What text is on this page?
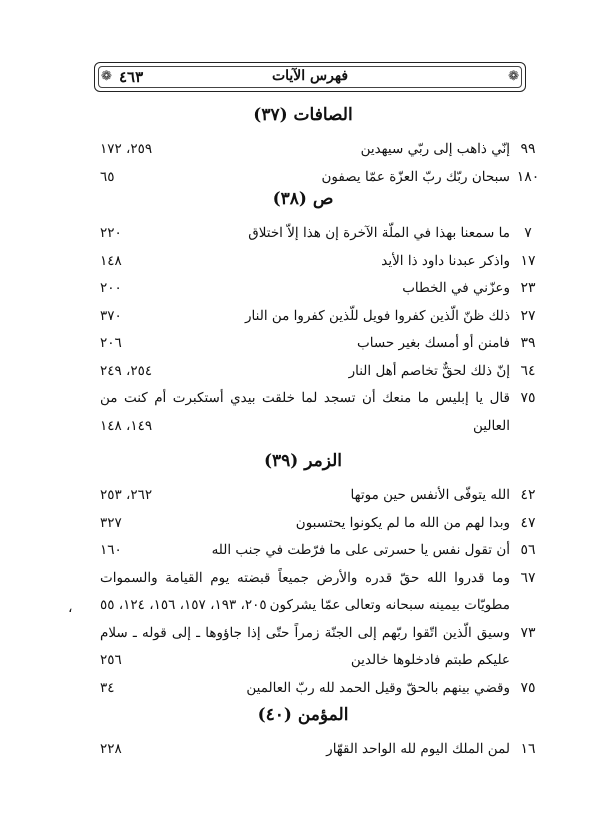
❁	❁
٤٦٣	فهرس الآيات
الصافات (٣٧)
٩٩
إنّي ذاهب إلى ربّي سيهدين
٢٥٩، ١٧٢
١٨٠
سبحان ربّك ربّ العزّة عمّا يصفون
٦٥
ص (٣٨)
٧
ما سمعنا بهذا في الملّة الآخرة إن هذا إلاّ اختلاق
٢٢٠
١٧
واذكر عبدنا داود ذا الأيد
١٤٨
٢٣
وعزّني في الخطاب
٢٠٠
٢٧
ذلك ظنّ الّذين كفروا فويل للّذين كفروا من النار
٣٧٠
٣٩
فامنن أو أمسك بغير حساب
٢٠٦
٦٤
إنّ ذلك لحقٌّ تخاصم أهل النار
٢٥٤، ٢٤٩
٧٥
قال يا إبليس ما منعك أن تسجد لما خلقت بيدي أستكبرت أم كنت من
العالين
١٤٩، ١٤٨
الزمر (٣٩)
٤٢
الله يتوفّى الأنفس حين موتها
٢٦٢، ٢٥٣
٤٧
وبدا لهم من الله ما لم يكونوا يحتسبون
٣٢٧
٥٦
أن تقول نفس يا حسرتى على ما فرّطت في جنب الله
١٦٠
٦٧
وما قدروا الله حقّ قدره والأرض جميعاً قبضته يوم القيامة والسموات
مطويّات بيمينه سبحانه وتعالى عمّا يشركون
٢٠٥، ١٩٣، ١٥٧، ١٥٦، ١٢٤، ٥٥
٧٣
وسيق الّذين اتّقوا ربّهم إلى الجنّة زمراً حتّى إذا جاؤوها ـ إلى قوله ـ سلام
عليكم طبتم فادخلوها خالدين
٢٥٦
٧٥
وقضي بينهم بالحقّ وقيل الحمد لله ربّ العالمين
٣٤
المؤمن (٤٠)
١٦
لمن الملك اليوم لله الواحد القهّار
٢٢٨
،
